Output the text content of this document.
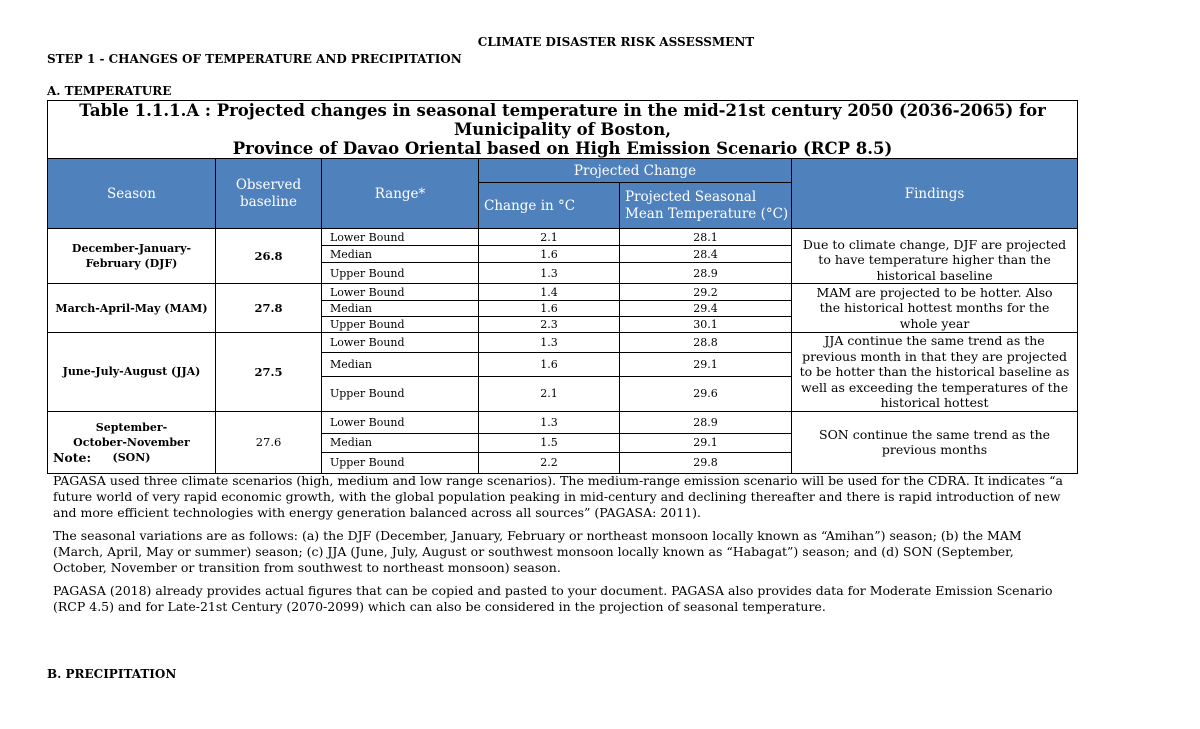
CLIMATE DISASTER RISK ASSESSMENT
STEP 1 - CHANGES OF TEMPERATURE AND PRECIPITATION
A. TEMPERATURE
Table 1.1.1.A : Projected changes in seasonal temperature in the mid-21st century 2050 (2036-2065) for Municipality of Boston,
Province of Davao Oriental based on High Emission Scenario (RCP 8.5)					

Season	Observed baseline	Range*	Projected Change		Findings
			Change in °C	Projected Seasonal Mean Temperature (°C)	
December-January-February (DJF)	26.8	Lower Bound	2.1	28.1	Due to climate change, DJF are projected to have temperature higher than the historical baseline
		Median	1.6	28.4	
		Upper Bound	1.3	28.9	
March-April-May (MAM)	27.8	Lower Bound	1.4	29.2	MAM are projected to be hotter. Also the historical hottest months for the whole year
		Median	1.6	29.4	
		Upper Bound	2.3	30.1	
June-July-August (JJA)	27.5	Lower Bound	1.3	28.8	JJA continue the same trend as the previous month in that they are projected to be hotter than the historical baseline as well as exceeding the temperatures of the historical hottest
		Median	1.6	29.1	
		Upper Bound	2.1	29.6	
September-October-November (SON)	27.6	Lower Bound	1.3	28.9	SON continue the same trend as the previous months
		Median	1.5	29.1	
		Upper Bound	2.2	29.8	

Note:

PAGASA used three climate scenarios (high, medium and low range scenarios). The medium-range emission scenario will be used for the CDRA. It indicates “a future world of very rapid economic growth, with the global population peaking in mid-century and declining thereafter and there is rapid introduction of new and more efficient technologies with energy generation balanced across all sources” (PAGASA: 2011).

The seasonal variations are as follows: (a) the DJF (December, January, February or northeast monsoon locally known as “Amihan”) season; (b) the MAM (March, April, May or summer) season; (c) JJA (June, July, August or southwest monsoon locally known as “Habagat”) season; and (d) SON (September, October, November or transition from southwest to northeast monsoon) season.

PAGASA (2018) already provides actual figures that can be copied and pasted to your document. PAGASA also provides data for Moderate Emission Scenario (RCP 4.5) and for Late-21st Century (2070-2099) which can also be considered in the projection of seasonal temperature.

B. PRECIPITATION
